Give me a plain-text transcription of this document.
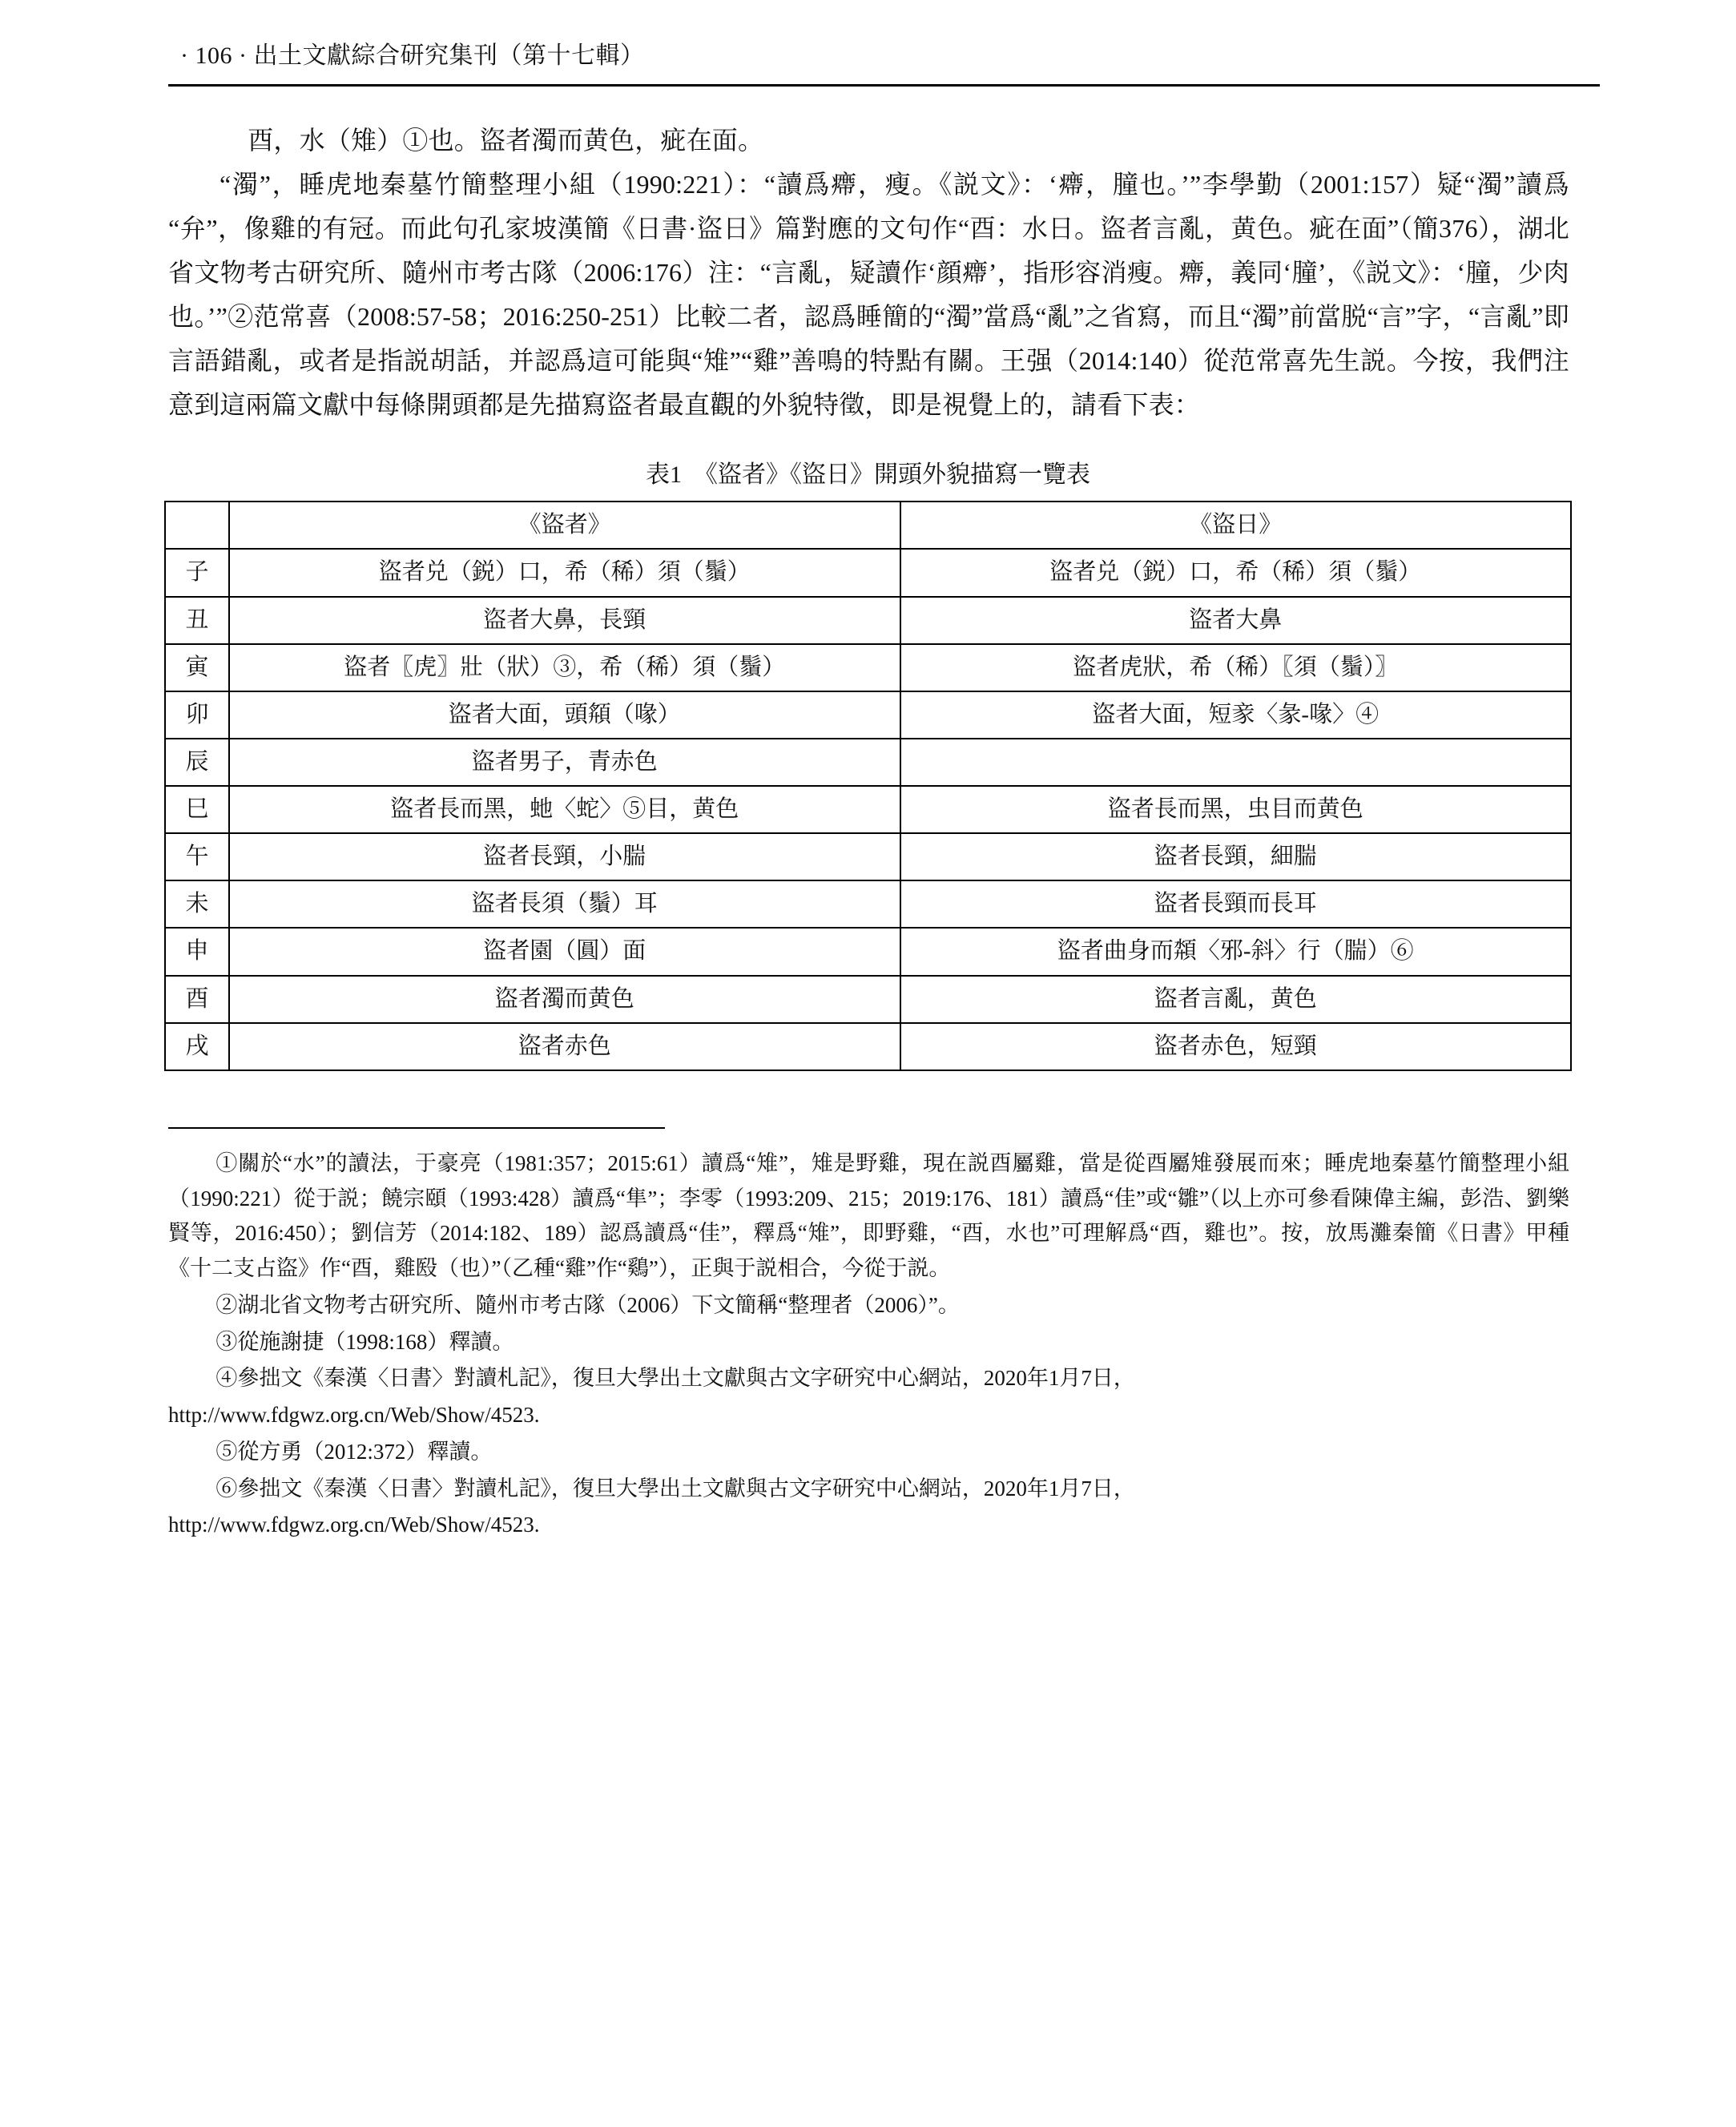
· 106 · 出土文獻綜合研究集刊（第十七輯）

酉，水（雉）①也。盜者濁而黄色，疵在面。

“濁”，睡虎地秦墓竹簡整理小組（1990:221）：“讀爲㿃，瘦。《説文》：‘㿃，朣也。’”李學勤（2001:157）疑“濁”讀爲“弁”，像雞的有冠。而此句孔家坡漢簡《日書·盜日》篇對應的文句作“酉：水日。盜者言亂，黄色。疵在面”（簡376），湖北省文物考古研究所、隨州市考古隊（2006:176）注：“言亂，疑讀作‘顔㿃’，指形容消瘦。㿃，義同‘朣’，《説文》：‘朣，少肉也。’”②范常喜（2008:57-58；2016:250-251）比較二者，認爲睡簡的“濁”當爲“亂”之省寫，而且“濁”前當脱“言”字，“言亂”即言語錯亂，或者是指説胡話，并認爲這可能與“雉”“雞”善鳴的特點有關。王强（2014:140）從范常喜先生説。今按，我們注意到這兩篇文獻中每條開頭都是先描寫盜者最直觀的外貌特徵，即是視覺上的，請看下表：

表1　《盜者》《盜日》開頭外貌描寫一覽表
	《盜者》	《盜日》
子	盜者兑（鋭）口，希（稀）須（鬚）	盜者兑（鋭）口，希（稀）須（鬚）
丑	盜者大鼻，長頸	盜者大鼻
寅	盜者〖虎〗壯（狀）③，希（稀）須（鬚）	盜者虎狀，希（稀）〖須（鬚）〗
卯	盜者大面，頭頯（喙）	盜者大面，短豙〈彖-喙〉④
辰	盜者男子，青赤色	
巳	盜者長而黑，虵〈蛇〉⑤目，黄色	盜者長而黑，虫目而黄色
午	盜者長頸，小腨	盜者長頸，細腨
未	盜者長須（鬚）耳	盜者長頸而長耳
申	盜者園（圓）面	盜者曲身而頮〈邪-斜〉行（腨）⑥
酉	盜者濁而黄色	盜者言亂，黄色
戌	盜者赤色	盜者赤色，短頸

①關於“水”的讀法，于豪亮（1981:357；2015:61）讀爲“雉”，雉是野雞，現在説酉屬雞，當是從酉屬雉發展而來；睡虎地秦墓竹簡整理小組（1990:221）從于説；饒宗頤（1993:428）讀爲“隼”；李零（1993:209、215；2019:176、181）讀爲“佳”或“雛”（以上亦可參看陳偉主編，彭浩、劉樂賢等，2016:450）；劉信芳（2014:182、189）認爲讀爲“佳”，釋爲“雉”，即野雞，“酉，水也”可理解爲“酉，雞也”。按，放馬灘秦簡《日書》甲種《十二支占盜》作“酉，雞殹（也）”（乙種“雞”作“鷄”），正與于説相合，今從于説。

②湖北省文物考古研究所、隨州市考古隊（2006）下文簡稱“整理者（2006）”。

③從施謝捷（1998:168）釋讀。

④參拙文《秦漢〈日書〉對讀札記》，復旦大學出土文獻與古文字研究中心網站，2020年1月7日，

http://www.fdgwz.org.cn/Web/Show/4523.

⑤從方勇（2012:372）釋讀。

⑥參拙文《秦漢〈日書〉對讀札記》，復旦大學出土文獻與古文字研究中心網站，2020年1月7日，

http://www.fdgwz.org.cn/Web/Show/4523.
